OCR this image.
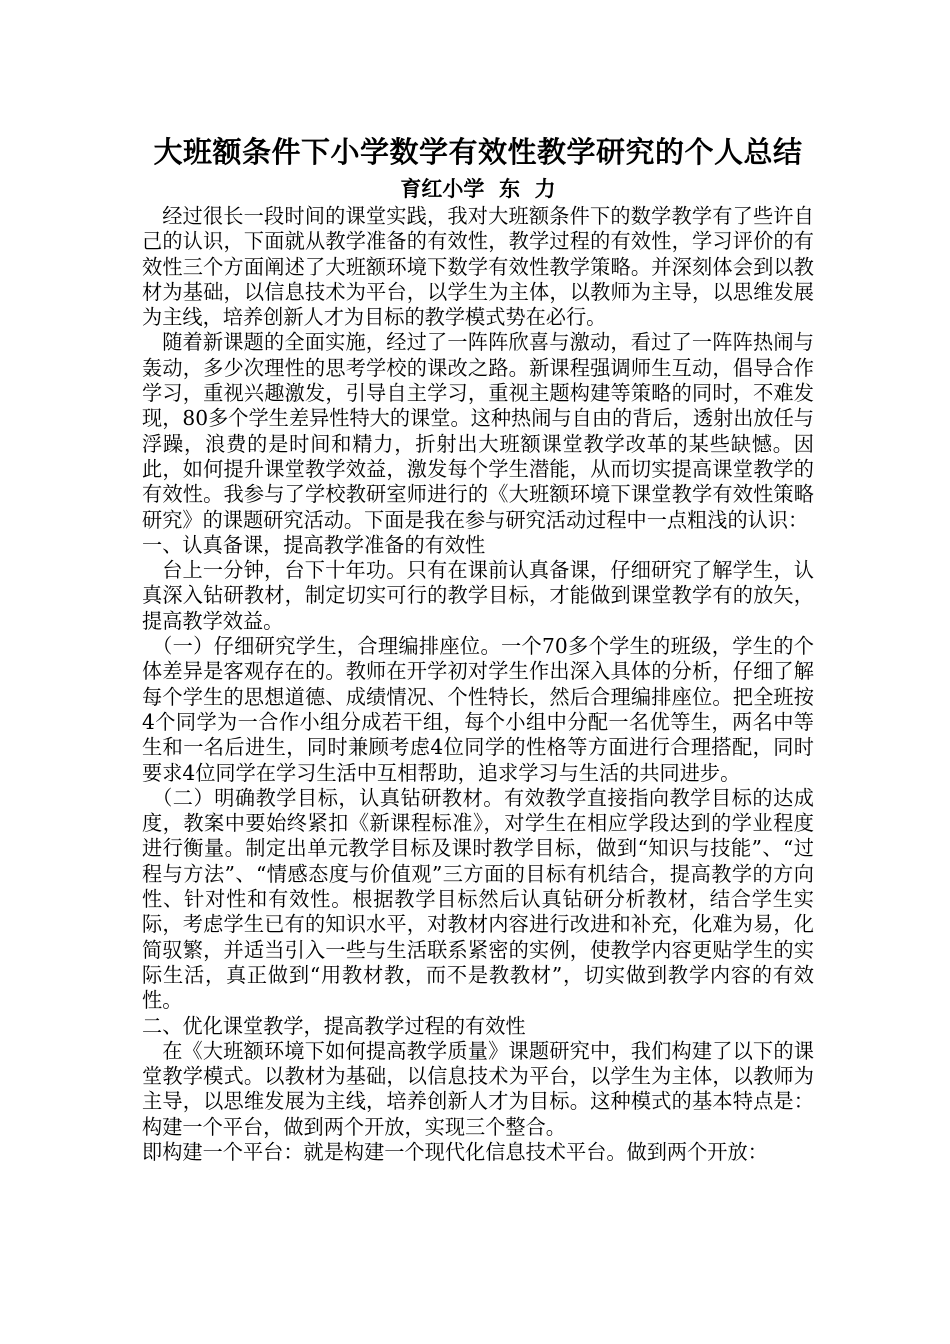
大班额条件下小学数学有效性教学研究的个人总结

育红小学  东  力

经过很长一段时间的课堂实践，我对大班额条件下的数学教学有了些许自己的认识，下面就从教学准备的有效性，教学过程的有效性，学习评价的有效性三个方面阐述了大班额环境下数学有效性教学策略。并深刻体会到以教材为基础，以信息技术为平台，以学生为主体，以教师为主导，以思维发展为主线，培养创新人才为目标的教学模式势在必行。

随着新课题的全面实施，经过了一阵阵欣喜与激动，看过了一阵阵热闹与轰动，多少次理性的思考学校的课改之路。新课程强调师生互动，倡导合作学习，重视兴趣激发，引导自主学习，重视主题构建等策略的同时，不难发现，80多个学生差异性特大的课堂。这种热闹与自由的背后，透射出放任与浮躁，浪费的是时间和精力，折射出大班额课堂教学改革的某些缺憾。因此，如何提升课堂教学效益，激发每个学生潜能，从而切实提高课堂教学的有效性。我参与了学校教研室师进行的《大班额环境下课堂教学有效性策略研究》的课题研究活动。下面是我在参与研究活动过程中一点粗浅的认识：

一、认真备课，提高教学准备的有效性

台上一分钟，台下十年功。只有在课前认真备课，仔细研究了解学生，认真深入钻研教材，制定切实可行的教学目标，才能做到课堂教学有的放矢，提高教学效益。

（一）仔细研究学生，合理编排座位。一个70多个学生的班级，学生的个体差异是客观存在的。教师在开学初对学生作出深入具体的分析，仔细了解每个学生的思想道德、成绩情况、个性特长，然后合理编排座位。把全班按4个同学为一合作小组分成若干组，每个小组中分配一名优等生，两名中等生和一名后进生，同时兼顾考虑4位同学的性格等方面进行合理搭配，同时要求4位同学在学习生活中互相帮助，追求学习与生活的共同进步。

（二）明确教学目标，认真钻研教材。有效教学直接指向教学目标的达成度，教案中要始终紧扣《新课程标准》，对学生在相应学段达到的学业程度进行衡量。制定出单元教学目标及课时教学目标，做到“知识与技能”、“过程与方法”、“情感态度与价值观”三方面的目标有机结合，提高教学的方向性、针对性和有效性。根据教学目标然后认真钻研分析教材，结合学生实际，考虑学生已有的知识水平，对教材内容进行改进和补充，化难为易，化简驭繁，并适当引入一些与生活联系紧密的实例，使教学内容更贴学生的实际生活，真正做到“用教材教，而不是教教材”，切实做到教学内容的有效性。

二、优化课堂教学，提高教学过程的有效性

在《大班额环境下如何提高教学质量》课题研究中，我们构建了以下的课堂教学模式。以教材为基础，以信息技术为平台，以学生为主体，以教师为主导，以思维发展为主线，培养创新人才为目标。这种模式的基本特点是：构建一个平台，做到两个开放，实现三个整合。

即构建一个平台：就是构建一个现代化信息技术平台。做到两个开放：
